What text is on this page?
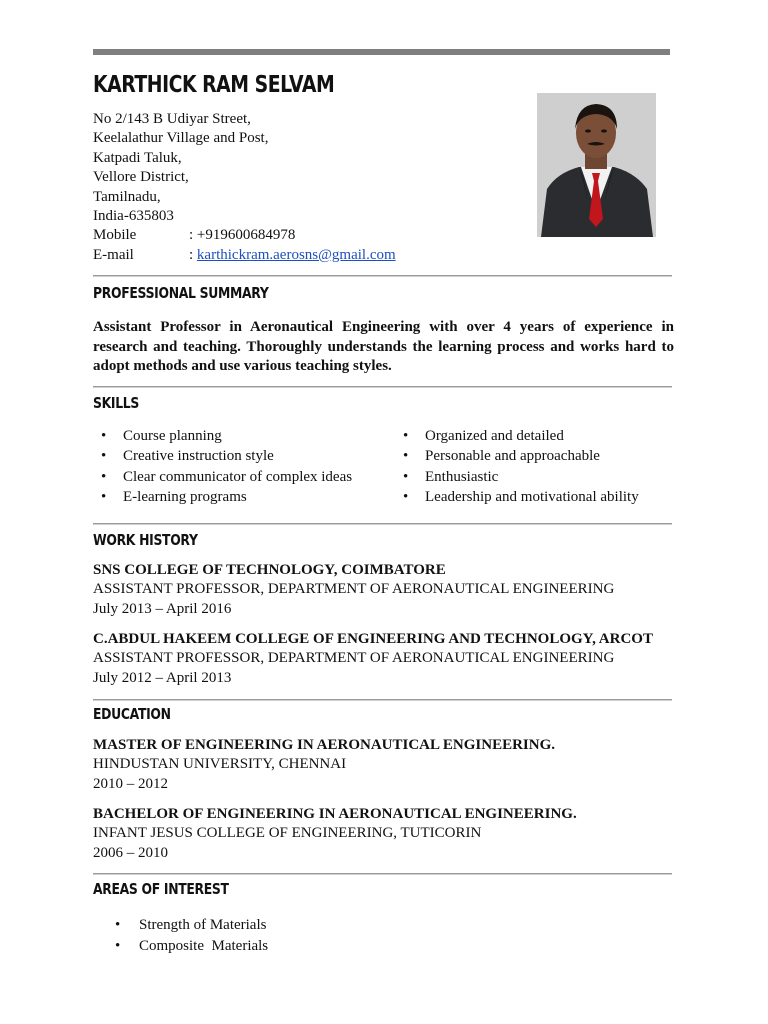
KARTHICK RAM SELVAM
No 2/143 B Udiyar Street,
Keelalathur Village and Post,
Katpadi Taluk,
Vellore District,
Tamilnadu,
India-635803
Mobile	: +919600684978
E-mail	: karthickram.aerosns@gmail.com
PROFESSIONAL SUMMARY
Assistant Professor in Aeronautical Engineering with over 4 years of experience in research and teaching. Thoroughly understands the learning process and works hard to adopt methods and use various teaching styles.
SKILLS
• Course planning
• Creative instruction style
• Clear communicator of complex ideas
• E-learning programs
• Organized and detailed
• Personable and approachable
• Enthusiastic
• Leadership and motivational ability
WORK HISTORY
SNS COLLEGE OF TECHNOLOGY, COIMBATORE
ASSISTANT PROFESSOR, DEPARTMENT OF AERONAUTICAL ENGINEERING
July 2013 – April 2016
C.ABDUL HAKEEM COLLEGE OF ENGINEERING AND TECHNOLOGY, ARCOT
ASSISTANT PROFESSOR, DEPARTMENT OF AERONAUTICAL ENGINEERING
July 2012 – April 2013
EDUCATION
MASTER OF ENGINEERING IN AERONAUTICAL ENGINEERING.
HINDUSTAN UNIVERSITY, CHENNAI
2010 – 2012
BACHELOR OF ENGINEERING IN AERONAUTICAL ENGINEERING.
INFANT JESUS COLLEGE OF ENGINEERING, TUTICORIN
2006 – 2010
AREAS OF INTEREST
• Strength of Materials
• Composite  Materials
